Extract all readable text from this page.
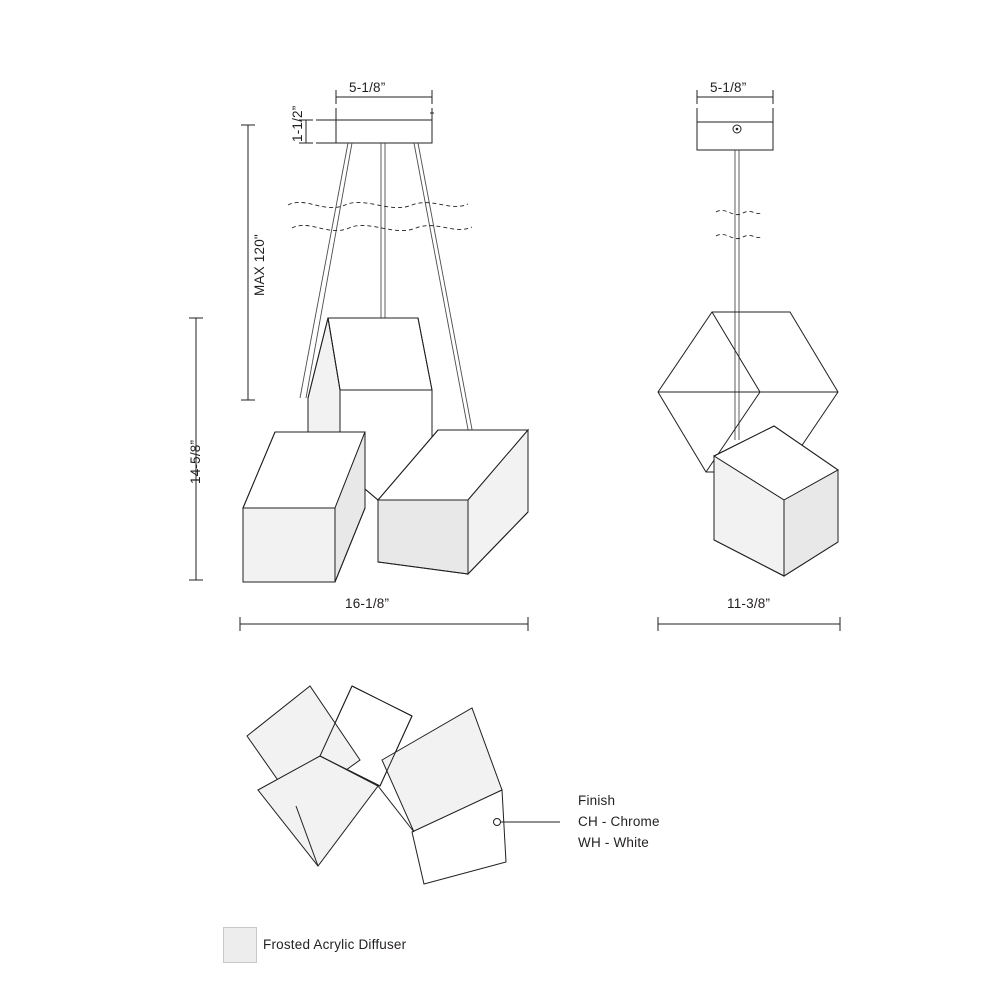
5-1/8”
1-1/2”
MAX 120"
14-5/8”
16-1/8”
5-1/8”
11-3/8”
Finish
CH - Chrome
WH - White
Frosted Acrylic Diffuser
